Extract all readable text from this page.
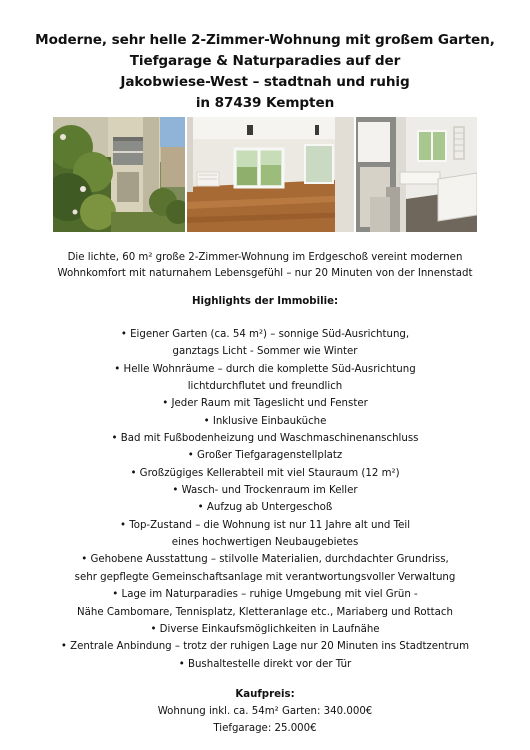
Moderne, sehr helle 2-Zimmer-Wohnung mit großem Garten,
Tiefgarage & Naturparadies auf der
Jakobwiese-West – stadtnah und ruhig
in 87439 Kempten
Die lichte, 60 m² große 2-Zimmer-Wohnung im Erdgeschoß vereint modernen
Wohnkomfort mit naturnahem Lebensgefühl – nur 20 Minuten von der Innenstadt
Highlights der Immobilie:
• Eigener Garten (ca. 54 m²) – sonnige Süd-Ausrichtung,
ganztags Licht - Sommer wie Winter
• Helle Wohnräume – durch die komplette Süd-Ausrichtung
lichtdurchflutet und freundlich
• Jeder Raum mit Tageslicht und Fenster
• Inklusive Einbauküche
• Bad mit Fußbodenheizung und Waschmaschinenanschluss
• Großer Tiefgaragenstellplatz
• Großzügiges Kellerabteil mit viel Stauraum (12 m²)
• Wasch- und Trockenraum im Keller
• Aufzug ab Untergeschoß
• Top-Zustand – die Wohnung ist nur 11 Jahre alt und Teil
eines hochwertigen Neubaugebietes
• Gehobene Ausstattung – stilvolle Materialien, durchdachter Grundriss,
sehr gepflegte Gemeinschaftsanlage mit verantwortungsvoller Verwaltung
• Lage im Naturparadies – ruhige Umgebung mit viel Grün -
Nähe Cambomare, Tennisplatz, Kletteranlage etc., Mariaberg und Rottach
• Diverse Einkaufsmöglichkeiten in Laufnähe
• Zentrale Anbindung – trotz der ruhigen Lage nur 20 Minuten ins Stadtzentrum
• Bushaltestelle direkt vor der Tür
Kaufpreis:
Wohnung inkl. ca. 54m² Garten: 340.000€
Tiefgarage: 25.000€
